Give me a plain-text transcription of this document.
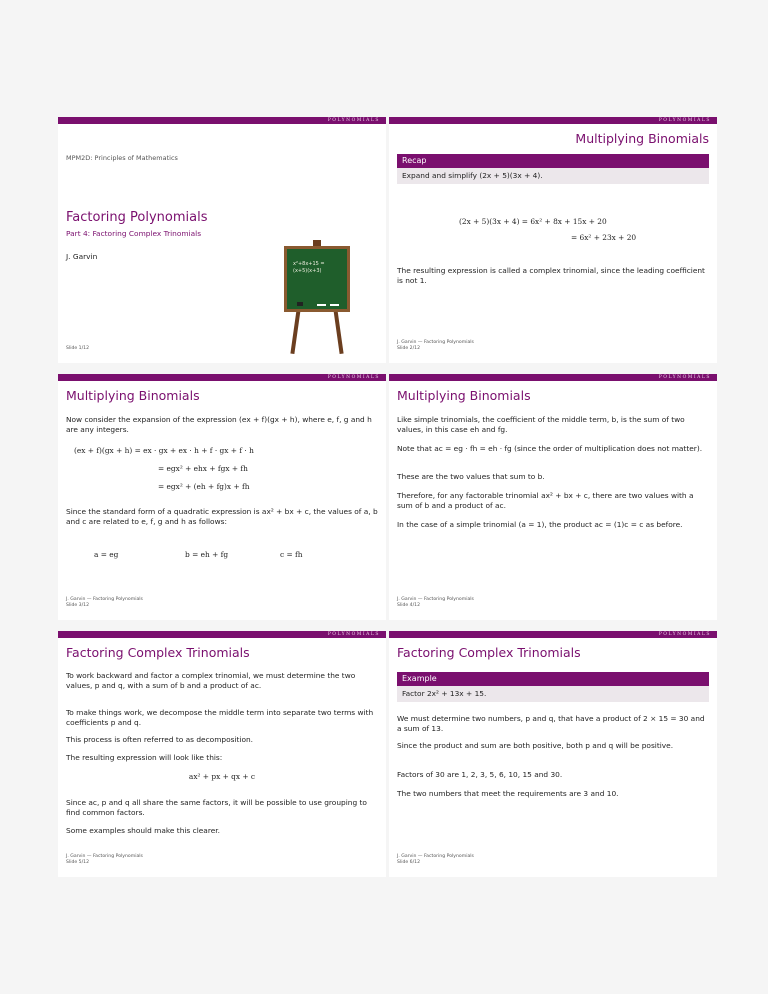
POLYNOMIALS
MPM2D: Principles of Mathematics
Factoring Polynomials
Part 4: Factoring Complex Trinomials
J. Garvin
x²+8x+15 =
(x+5)(x+3)
Slide 1/12
POLYNOMIALS
Multiplying Binomials
Recap
Expand and simplify (2x + 5)(3x + 4).
(2x + 5)(3x + 4) = 6x² + 8x + 15x + 20
= 6x² + 23x + 20
The resulting expression is called a complex trinomial, since the leading coefficient is not 1.
J. Garvin — Factoring Polynomials
Slide 2/12
POLYNOMIALS
Multiplying Binomials
Now consider the expansion of the expression (ex + f)(gx + h), where e, f, g and h are any integers.
(ex + f)(gx + h) = ex · gx + ex · h + f · gx + f · h
= egx² + ehx + fgx + fh
= egx² + (eh + fg)x + fh
Since the standard form of a quadratic expression is ax² + bx + c, the values of a, b and c are related to e, f, g and h as follows:
a = eg	b = eh + fg	c = fh
J. Garvin — Factoring Polynomials
Slide 3/12
POLYNOMIALS
Multiplying Binomials
Like simple trinomials, the coefficient of the middle term, b, is the sum of two values, in this case eh and fg.
Note that ac = eg · fh = eh · fg (since the order of multiplication does not matter).
These are the two values that sum to b.
Therefore, for any factorable trinomial ax² + bx + c, there are two values with a sum of b and a product of ac.
In the case of a simple trinomial (a = 1), the product ac = (1)c = c as before.
J. Garvin — Factoring Polynomials
Slide 4/12
POLYNOMIALS
Factoring Complex Trinomials
To work backward and factor a complex trinomial, we must determine the two values, p and q, with a sum of b and a product of ac.
To make things work, we decompose the middle term into separate two terms with coefficients p and q.
This process is often referred to as decomposition.
The resulting expression will look like this:
ax² + px + qx + c
Since ac, p and q all share the same factors, it will be possible to use grouping to find common factors.
Some examples should make this clearer.
J. Garvin — Factoring Polynomials
Slide 5/12
POLYNOMIALS
Factoring Complex Trinomials
Example
Factor 2x² + 13x + 15.
We must determine two numbers, p and q, that have a product of 2 × 15 = 30 and a sum of 13.
Since the product and sum are both positive, both p and q will be positive.
Factors of 30 are 1, 2, 3, 5, 6, 10, 15 and 30.
The two numbers that meet the requirements are 3 and 10.
J. Garvin — Factoring Polynomials
Slide 6/12
